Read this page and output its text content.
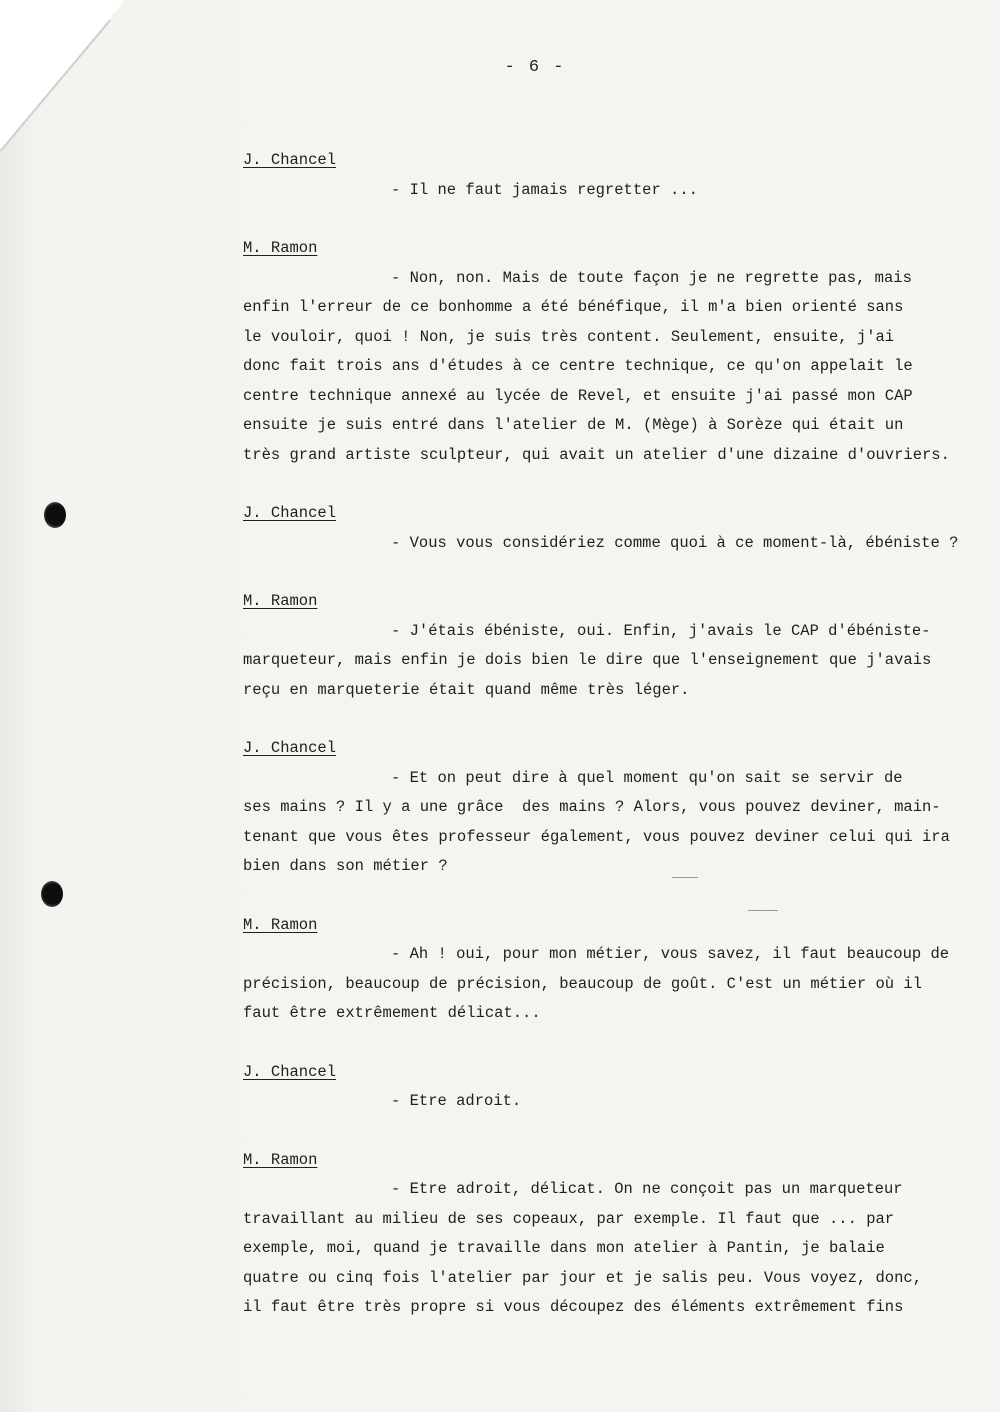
- 6 -
J. Chancel
- Il ne faut jamais regretter ...
M. Ramon
- Non, non. Mais de toute façon je ne regrette pas, mais
enfin l'erreur de ce bonhomme a été bénéfique, il m'a bien orienté sans
le vouloir, quoi ! Non, je suis très content. Seulement, ensuite, j'ai
donc fait trois ans d'études à ce centre technique, ce qu'on appelait le
centre technique annexé au lycée de Revel, et ensuite j'ai passé mon CAP
ensuite je suis entré dans l'atelier de M. (Mège) à Sorèze qui était un
très grand artiste sculpteur, qui avait un atelier d'une dizaine d'ouvriers.
J. Chancel
- Vous vous considériez comme quoi à ce moment-là, ébéniste ?
M. Ramon
- J'étais ébéniste, oui. Enfin, j'avais le CAP d'ébéniste-
marqueteur, mais enfin je dois bien le dire que l'enseignement que j'avais
reçu en marqueterie était quand même très léger.
J. Chancel
- Et on peut dire à quel moment qu'on sait se servir de
ses mains ? Il y a une grâce  des mains ? Alors, vous pouvez deviner, main-
tenant que vous êtes professeur également, vous pouvez deviner celui qui ira
bien dans son métier ?
M. Ramon
- Ah ! oui, pour mon métier, vous savez, il faut beaucoup de
précision, beaucoup de précision, beaucoup de goût. C'est un métier où il
faut être extrêmement délicat...
J. Chancel
- Etre adroit.
M. Ramon
- Etre adroit, délicat. On ne conçoit pas un marqueteur
travaillant au milieu de ses copeaux, par exemple. Il faut que ... par
exemple, moi, quand je travaille dans mon atelier à Pantin, je balaie
quatre ou cinq fois l'atelier par jour et je salis peu. Vous voyez, donc,
il faut être très propre si vous découpez des éléments extrêmement fins
